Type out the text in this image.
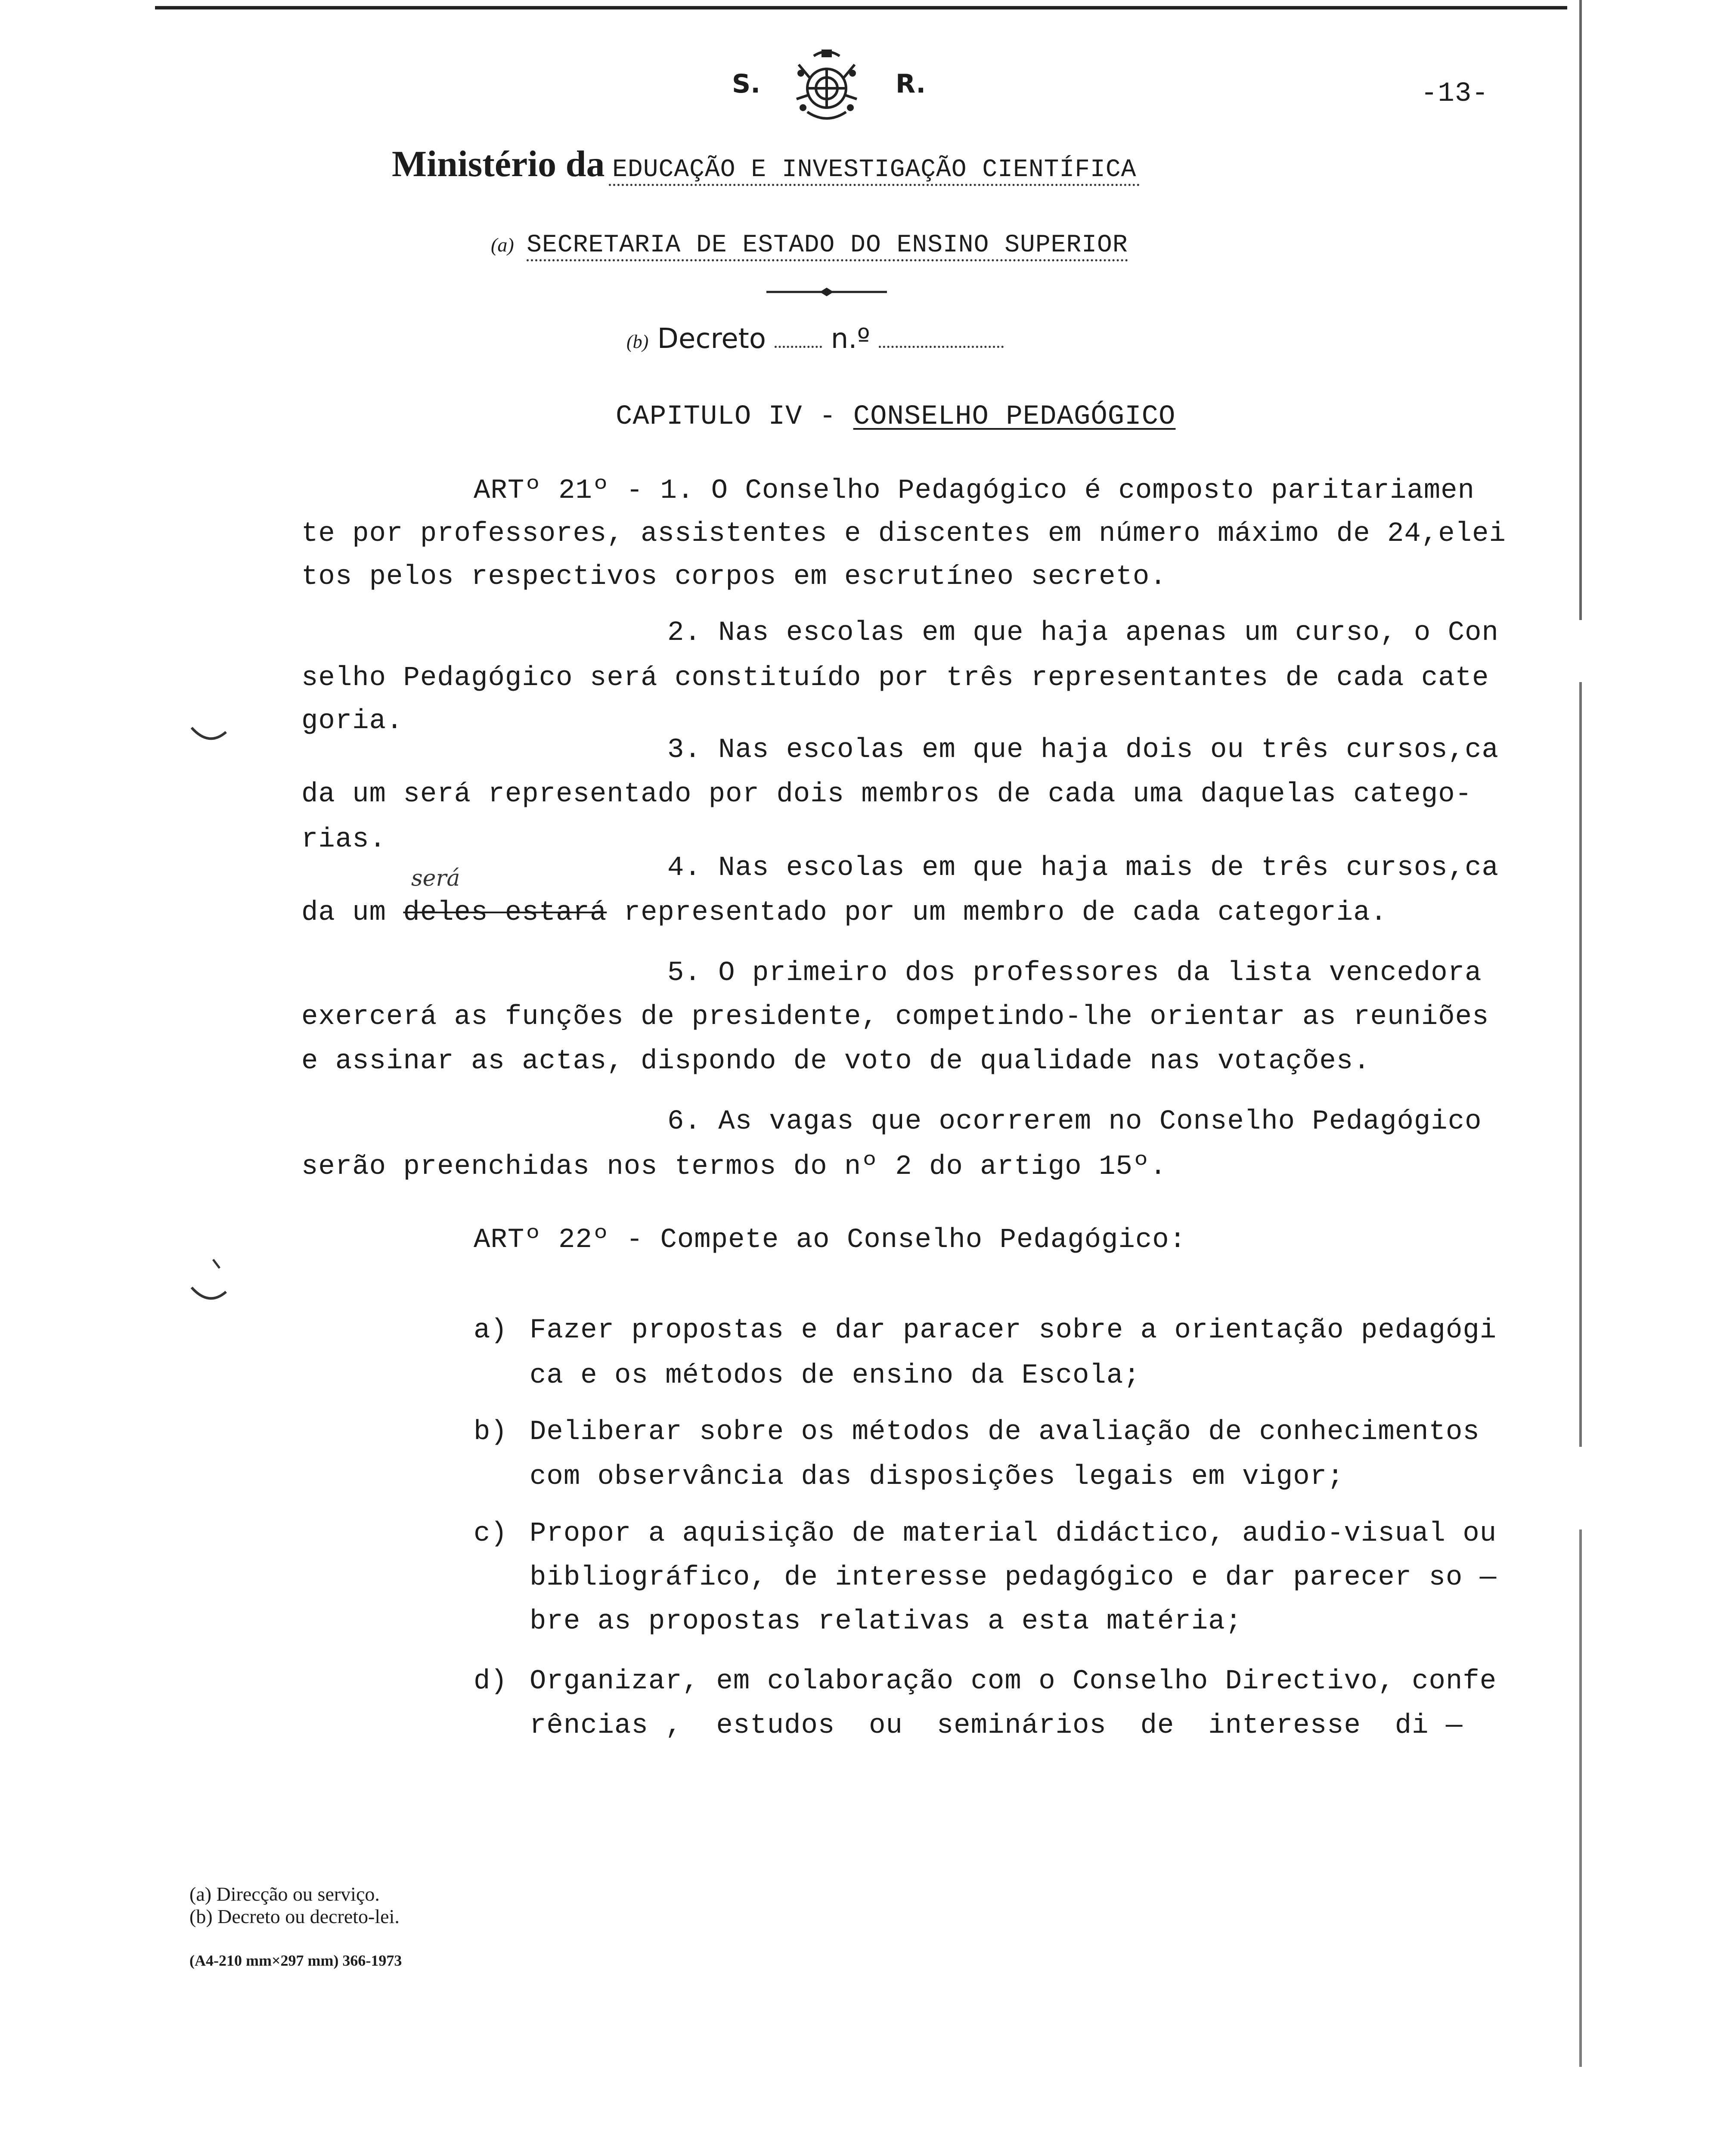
S.	R.	-13-
Ministério da EDUCAÇÃO E INVESTIGAÇÃO CIENTÍFICA
(a) SECRETARIA DE ESTADO DO ENSINO SUPERIOR
(b) Decreto n.º
CAPITULO IV - CONSELHO PEDAGÓGICO
ARTº 21º - 1. O Conselho Pedagógico é composto paritariamen
te por professores, assistentes e discentes em número máximo de 24,elei
tos pelos respectivos corpos em escrutíneo secreto.
2. Nas escolas em que haja apenas um curso, o Con
selho Pedagógico será constituído por três representantes de cada cate
goria.
3. Nas escolas em que haja dois ou três cursos,ca
da um será representado por dois membros de cada uma daquelas catego-
rias.
4. Nas escolas em que haja mais de três cursos,ca
será
da um deles estará representado por um membro de cada categoria.
5. O primeiro dos professores da lista vencedora
exercerá as funções de presidente, competindo-lhe orientar as reuniões
e assinar as actas, dispondo de voto de qualidade nas votações.
6. As vagas que ocorrerem no Conselho Pedagógico
serão preenchidas nos termos do nº 2 do artigo 15º.
ARTº 22º - Compete ao Conselho Pedagógico:
a) Fazer propostas e dar paracer sobre a orientação pedagógi
ca e os métodos de ensino da Escola;
b) Deliberar sobre os métodos de avaliação de conhecimentos
com observância das disposições legais em vigor;
c) Propor a aquisição de material didáctico, audio-visual ou
bibliográfico, de interesse pedagógico e dar parecer so —
bre as propostas relativas a esta matéria;
d) Organizar, em colaboração com o Conselho Directivo, confe
rências ,  estudos  ou  seminários  de  interesse  di —
(a) Direcção ou serviço.
(b) Decreto ou decreto-lei.
(A4-210 mm×297 mm) 366-1973
